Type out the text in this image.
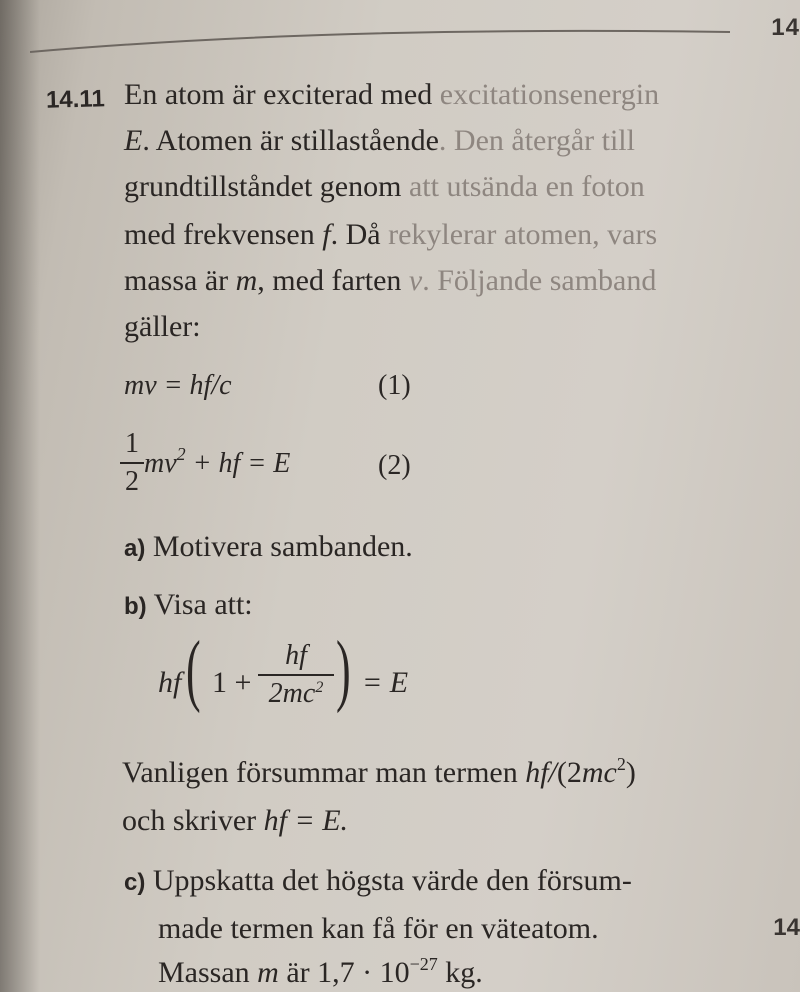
14
14.11 En atom är exciterad med excitationsenergin
E. Atomen är stillastående. Den återgår till
grundtillståndet genom att utsända en foton
med frekvensen f. Då rekylerar atomen, vars
massa är m, med farten v. Följande samband
gäller:
mv = hf/c	(1)
1
2
$mv^2$ + hf = E	(2)
a) Motivera sambanden.
b) Visa att:
hf ( 1 +
hf
$2mc^2$ ) = E
Vanligen försummar man termen $hf/(2mc^2)$
och skriver hf = E.
c) Uppskatta det högsta värde den försum-
made termen kan få för en väteatom.
Massan m är $1,7 \cdot 10^{-27}$ kg.
14
